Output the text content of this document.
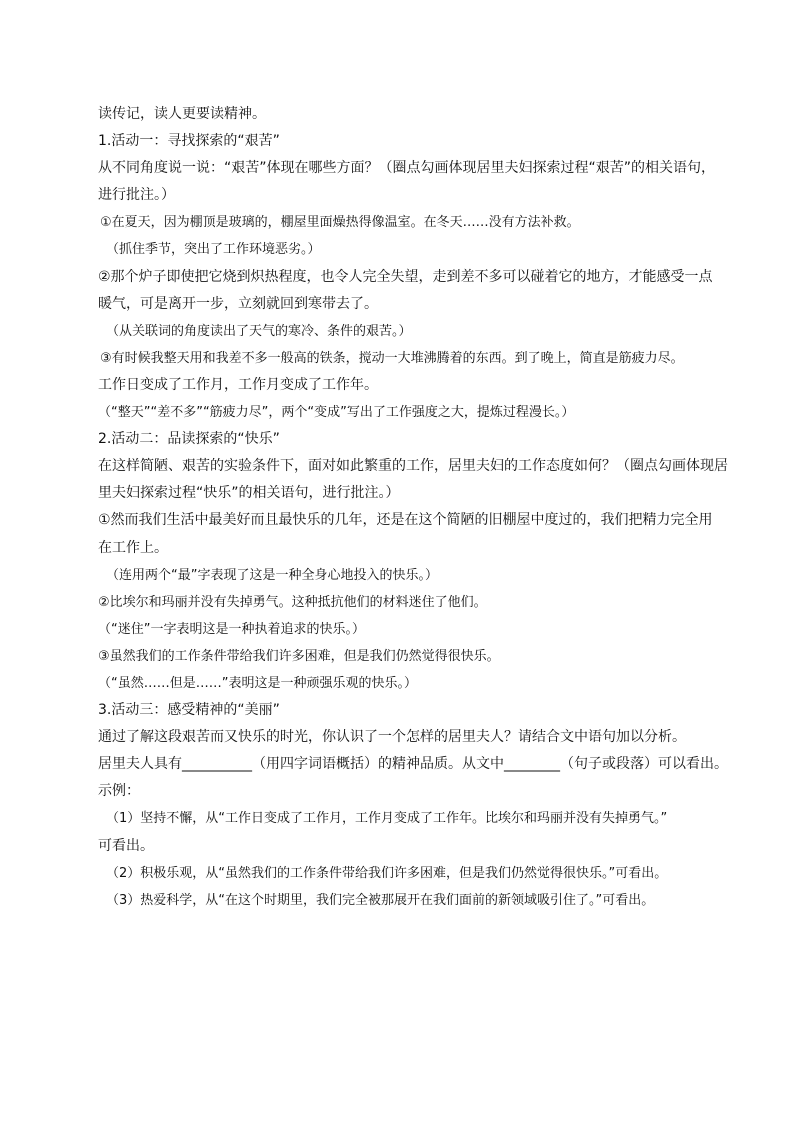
读传记，读人更要读精神。

1.活动一：寻找探索的“艰苦”

从不同角度说一说：“艰苦”体现在哪些方面？（圈点勾画体现居里夫妇探索过程“艰苦”的相关语句，

进行批注。）

①在夏天，因为棚顶是玻璃的，棚屋里面燥热得像温室。在冬天……没有方法补救。

（抓住季节，突出了工作环境恶劣。）

②那个炉子即使把它烧到炽热程度，也令人完全失望，走到差不多可以碰着它的地方，才能感受一点

暖气，可是离开一步，立刻就回到寒带去了。

（从关联词的角度读出了天气的寒冷、条件的艰苦。）

③有时候我整天用和我差不多一般高的铁条，搅动一大堆沸腾着的东西。到了晚上，简直是筋疲力尽。

工作日变成了工作月，工作月变成了工作年。

（“整天”“差不多”“筋疲力尽”，两个“变成”写出了工作强度之大，提炼过程漫长。）

2.活动二：品读探索的“快乐”

在这样简陋、艰苦的实验条件下，面对如此繁重的工作，居里夫妇的工作态度如何？（圈点勾画体现居

里夫妇探索过程“快乐”的相关语句，进行批注。）

①然而我们生活中最美好而且最快乐的几年，还是在这个简陋的旧棚屋中度过的，我们把精力完全用

在工作上。

（连用两个“最”字表现了这是一种全身心地投入的快乐。）

②比埃尔和玛丽并没有失掉勇气。这种抵抗他们的材料迷住了他们。

（“迷住”一字表明这是一种执着追求的快乐。）

③虽然我们的工作条件带给我们许多困难，但是我们仍然觉得很快乐。

（“虽然……但是……”表明这是一种顽强乐观的快乐。）

3.活动三：感受精神的“美丽”

通过了解这段艰苦而又快乐的时光，你认识了一个怎样的居里夫人？请结合文中语句加以分析。

居里夫人具有__________（用四字词语概括）的精神品质。从文中________（句子或段落）可以看出。

示例：

（1）坚持不懈，从“工作日变成了工作月，工作月变成了工作年。比埃尔和玛丽并没有失掉勇气。”

可看出。

（2）积极乐观，从“虽然我们的工作条件带给我们许多困难，但是我们仍然觉得很快乐。”可看出。

（3）热爱科学，从“在这个时期里，我们完全被那展开在我们面前的新领域吸引住了。”可看出。
